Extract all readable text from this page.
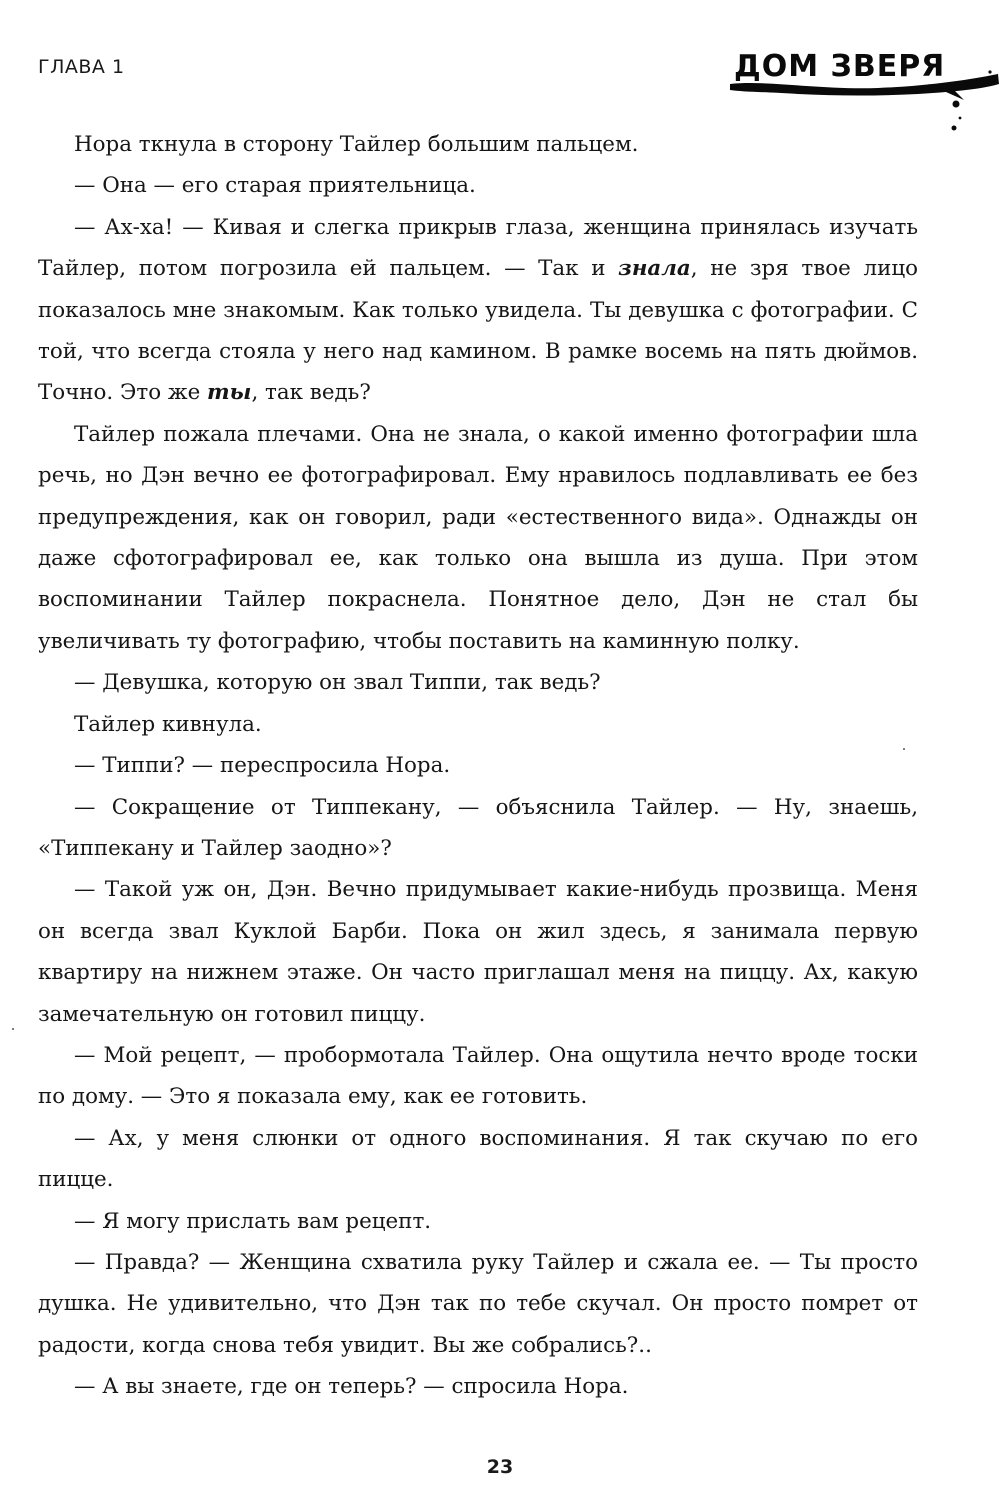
ГЛАВА 1	ДОМ ЗВЕРЯ

Нора ткнула в сторону Тайлер большим пальцем.

— Она — его старая приятельница.

— Ах-ха! — Кивая и слегка прикрыв глаза, женщина принялась изучать Тайлер, потом погрозила ей пальцем. — Так и знала, не зря твое лицо показалось мне знакомым. Как только увидела. Ты девушка с фотографии. С той, что всегда стояла у него над камином. В рамке восемь на пять дюймов. Точно. Это же ты, так ведь?

Тайлер пожала плечами. Она не знала, о какой именно фотографии шла речь, но Дэн вечно ее фотографировал. Ему нравилось подлавливать ее без предупреждения, как он говорил, ради «естественного вида». Однажды он даже сфотографировал ее, как только она вышла из душа. При этом воспоминании Тайлер покраснела. Понятное дело, Дэн не стал бы увеличивать ту фотографию, чтобы поставить на каминную полку.

— Девушка, которую он звал Типпи, так ведь?

Тайлер кивнула.

— Типпи? — переспросила Нора.

— Сокращение от Типпекану, — объяснила Тайлер. — Ну, знаешь, «Типпекану и Тайлер заодно»?

— Такой уж он, Дэн. Вечно придумывает какие-нибудь прозвища. Меня он всегда звал Куклой Барби. Пока он жил здесь, я занимала первую квартиру на нижнем этаже. Он часто приглашал меня на пиццу. Ах, какую замечательную он готовил пиццу.

— Мой рецепт, — пробормотала Тайлер. Она ощутила нечто вроде тоски по дому. — Это я показала ему, как ее готовить.

— Ах, у меня слюнки от одного воспоминания. Я так скучаю по его пицце.

— Я могу прислать вам рецепт.

— Правда? — Женщина схватила руку Тайлер и сжала ее. — Ты просто душка. Не удивительно, что Дэн так по тебе скучал. Он просто помрет от радости, когда снова тебя увидит. Вы же собрались?..

— А вы знаете, где он теперь? — спросила Нора.

23
